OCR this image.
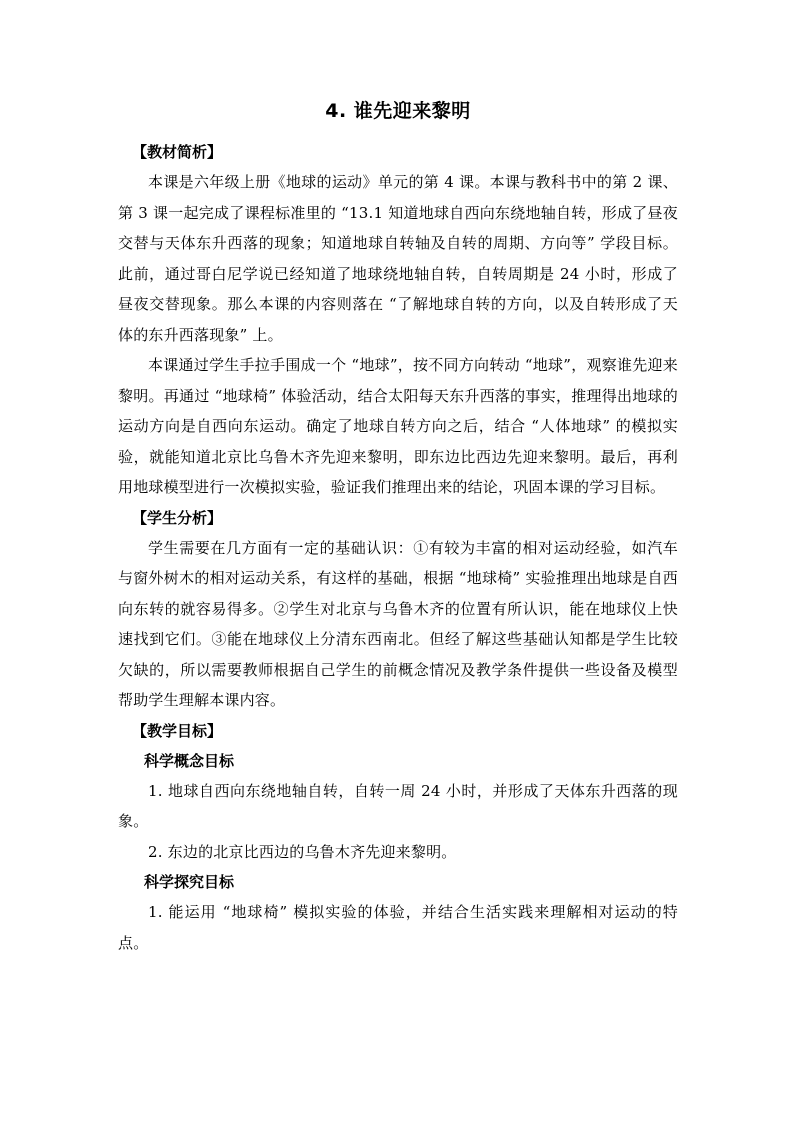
4. 谁先迎来黎明

【教材简析】

本课是六年级上册《地球的运动》单元的第 4 课。本课与教科书中的第 2 课、第 3 课一起完成了课程标准里的 “13.1 知道地球自西向东绕地轴自转，形成了昼夜交替与天体东升西落的现象；知道地球自转轴及自转的周期、方向等” 学段目标。此前，通过哥白尼学说已经知道了地球绕地轴自转，自转周期是 24 小时，形成了昼夜交替现象。那么本课的内容则落在 “了解地球自转的方向，以及自转形成了天体的东升西落现象” 上。

本课通过学生手拉手围成一个 “地球”，按不同方向转动 “地球”，观察谁先迎来黎明。再通过 “地球椅” 体验活动，结合太阳每天东升西落的事实，推理得出地球的运动方向是自西向东运动。确定了地球自转方向之后，结合 “人体地球” 的模拟实验，就能知道北京比乌鲁木齐先迎来黎明，即东边比西边先迎来黎明。最后，再利用地球模型进行一次模拟实验，验证我们推理出来的结论，巩固本课的学习目标。

【学生分析】

学生需要在几方面有一定的基础认识：①有较为丰富的相对运动经验，如汽车与窗外树木的相对运动关系，有这样的基础，根据 “地球椅” 实验推理出地球是自西向东转的就容易得多。②学生对北京与乌鲁木齐的位置有所认识，能在地球仪上快速找到它们。③能在地球仪上分清东西南北。但经了解这些基础认知都是学生比较欠缺的，所以需要教师根据自己学生的前概念情况及教学条件提供一些设备及模型帮助学生理解本课内容。

【教学目标】

科学概念目标

1. 地球自西向东绕地轴自转，自转一周 24 小时，并形成了天体东升西落的现象。

2. 东边的北京比西边的乌鲁木齐先迎来黎明。

科学探究目标

1. 能运用 “地球椅” 模拟实验的体验，并结合生活实践来理解相对运动的特点。
